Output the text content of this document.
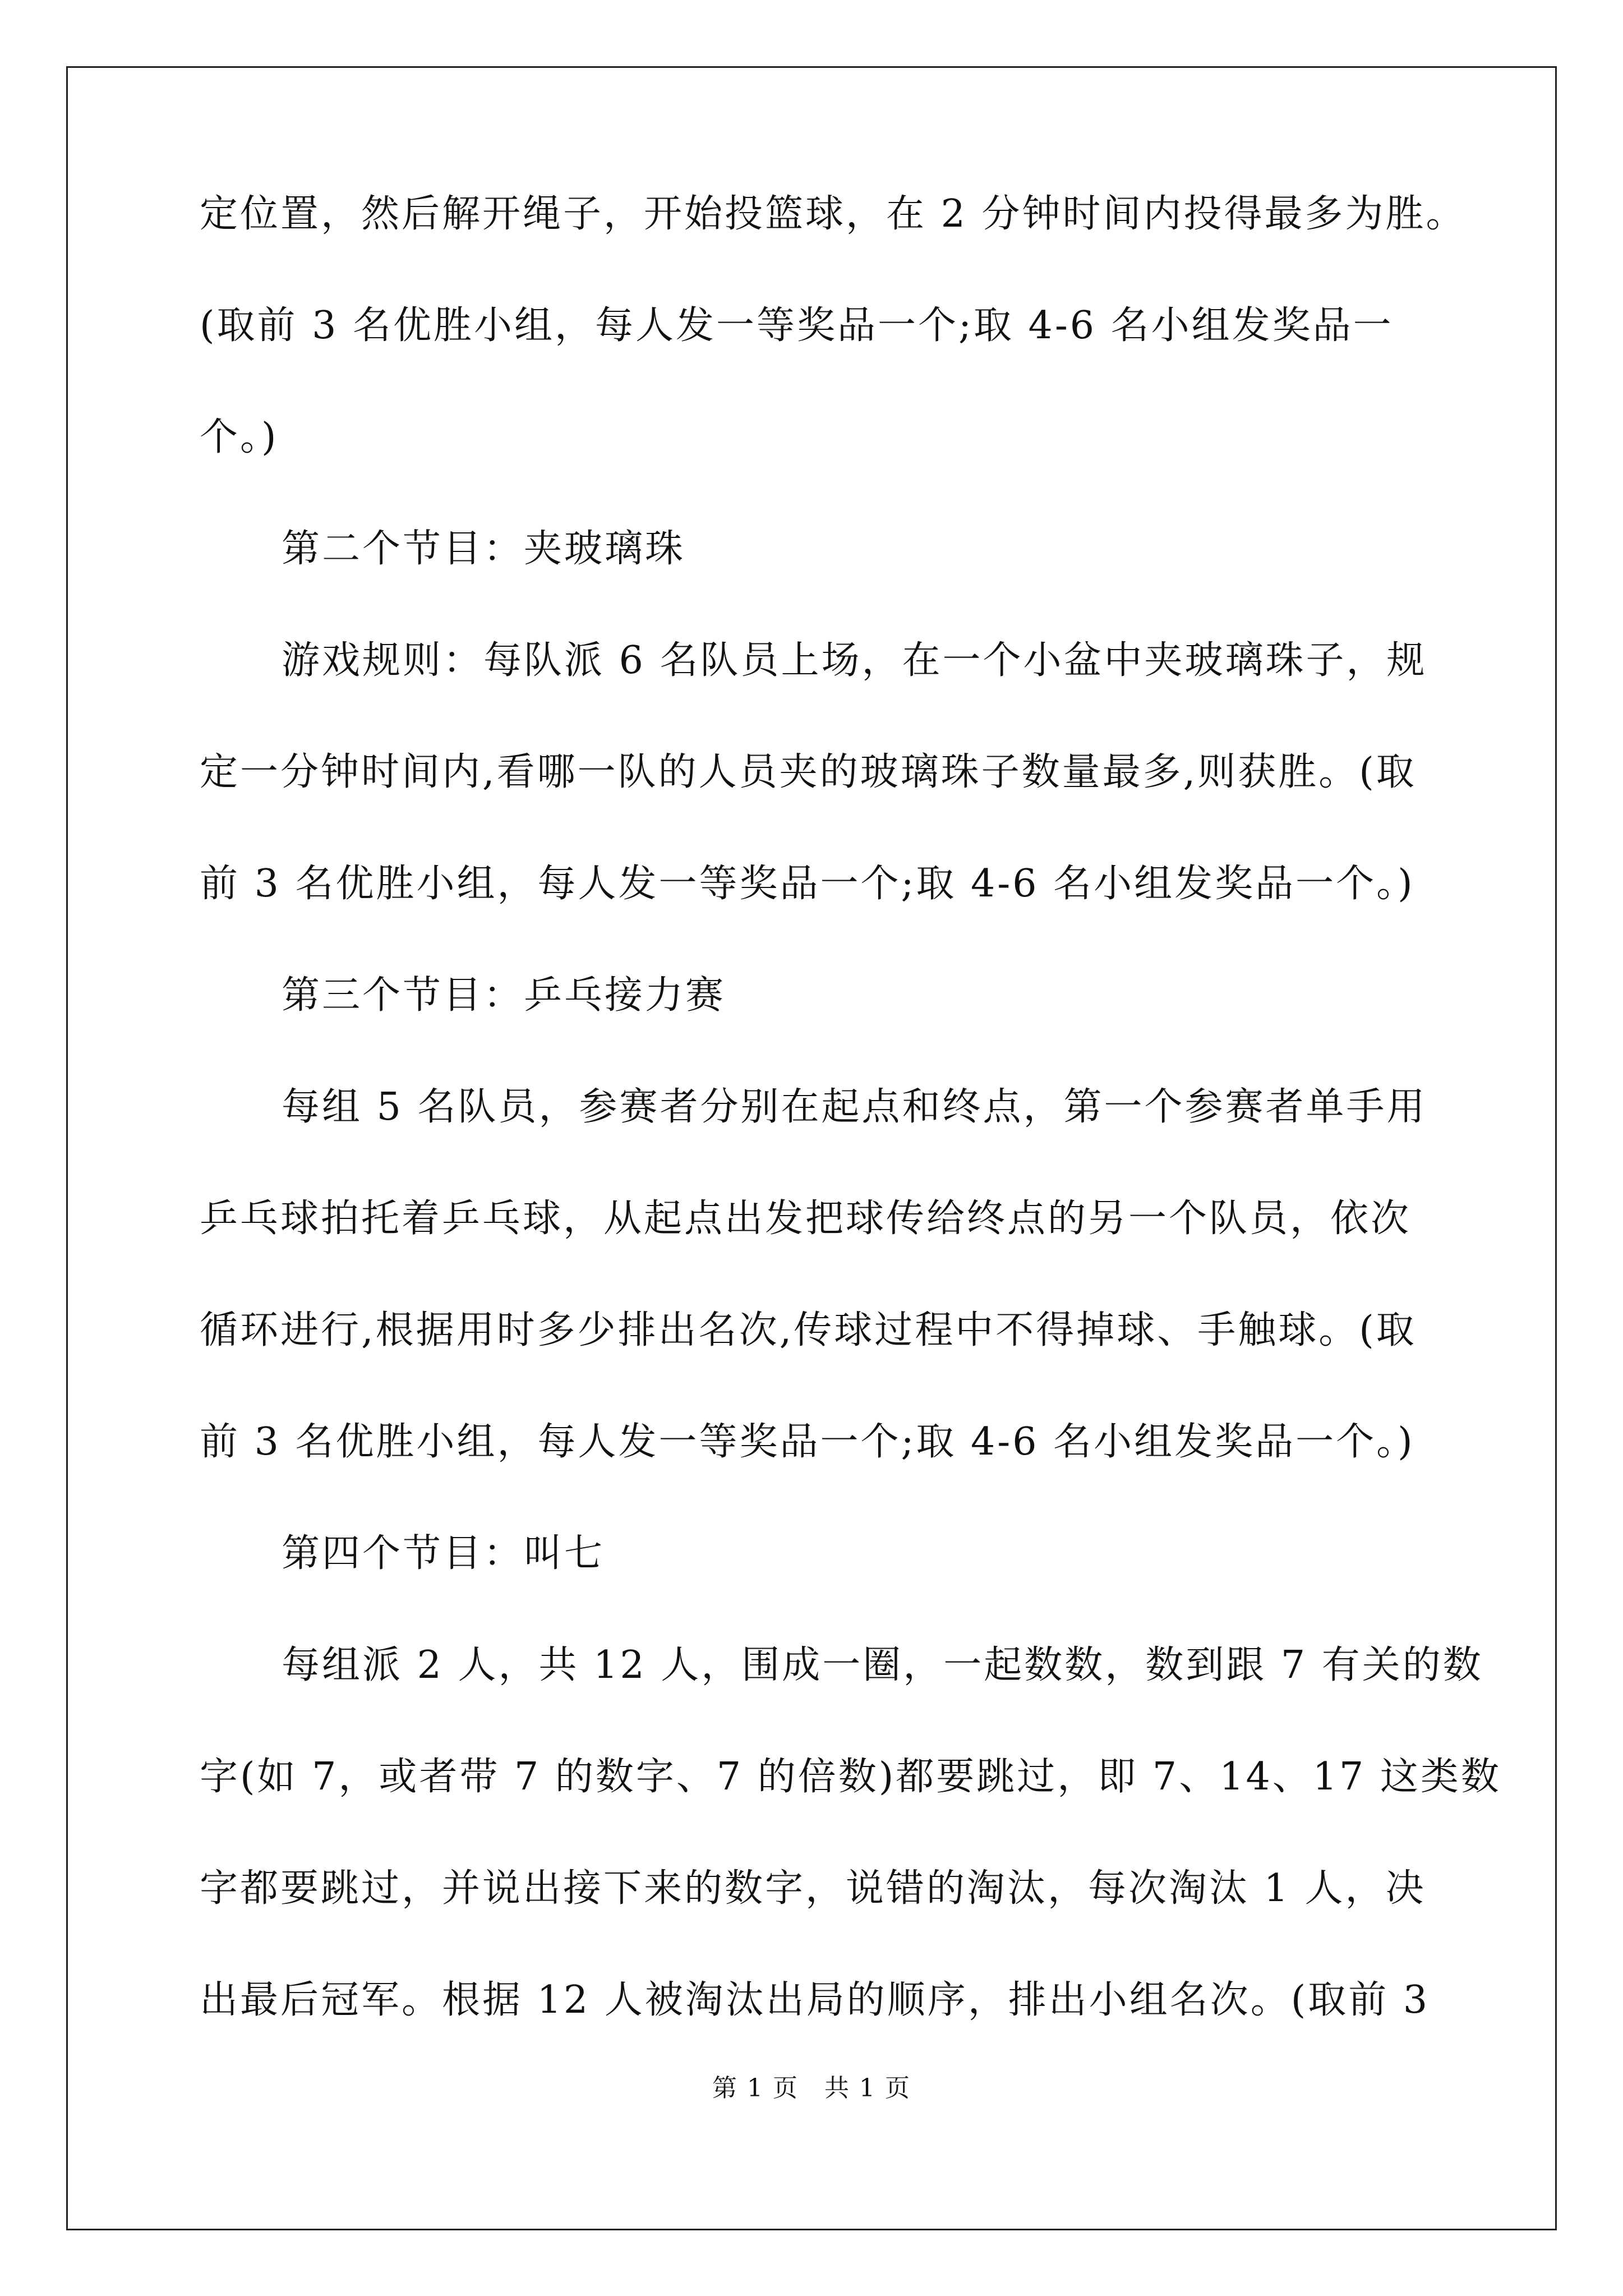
定位置，然后解开绳子，开始投篮球，在 2 分钟时间内投得最多为胜。
(取前 3 名优胜小组，每人发一等奖品一个;取 4-6 名小组发奖品一
个。)
第二个节目：夹玻璃珠
游戏规则：每队派 6 名队员上场，在一个小盆中夹玻璃珠子，规
定一分钟时间内,看哪一队的人员夹的玻璃珠子数量最多,则获胜。(取
前 3 名优胜小组，每人发一等奖品一个;取 4-6 名小组发奖品一个。)
第三个节目：乒乓接力赛
每组 5 名队员，参赛者分别在起点和终点，第一个参赛者单手用
乒乓球拍托着乒乓球，从起点出发把球传给终点的另一个队员，依次
循环进行,根据用时多少排出名次,传球过程中不得掉球、手触球。(取
前 3 名优胜小组，每人发一等奖品一个;取 4-6 名小组发奖品一个。)
第四个节目：叫七
每组派 2 人，共 12 人，围成一圈，一起数数，数到跟 7 有关的数
字(如 7，或者带 7 的数字、7 的倍数)都要跳过，即 7、14、17 这类数
字都要跳过，并说出接下来的数字，说错的淘汰，每次淘汰 1 人，决
出最后冠军。根据 12 人被淘汰出局的顺序，排出小组名次。(取前 3
第 1 页　共 1 页
